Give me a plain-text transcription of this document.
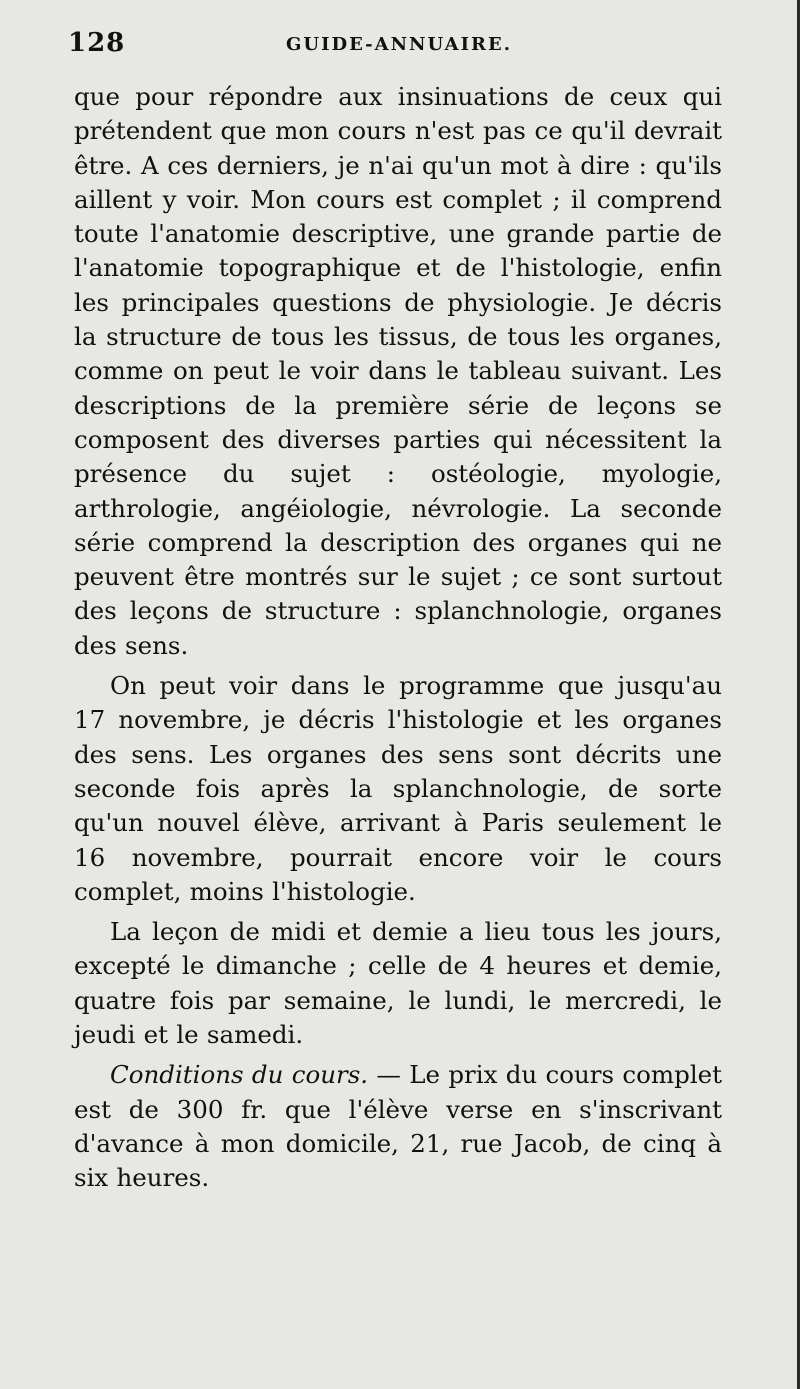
128	GUIDE-ANNUAIRE.

que pour répondre aux insinuations de ceux qui prétendent que mon cours n'est pas ce qu'il devrait être. A ces derniers, je n'ai qu'un mot à dire : qu'ils aillent y voir. Mon cours est complet ; il comprend toute l'anatomie descriptive, une grande partie de l'anatomie topographique et de l'histologie, enfin les principales questions de physiologie. Je décris la structure de tous les tissus, de tous les organes, comme on peut le voir dans le tableau suivant. Les descriptions de la première série de leçons se composent des diverses parties qui nécessitent la présence du sujet : ostéologie, myologie, arthrologie, angéiologie, névrologie. La seconde série comprend la description des organes qui ne peuvent être montrés sur le sujet ; ce sont surtout des leçons de structure : splanchnologie, organes des sens.

On peut voir dans le programme que jusqu'au 17 novembre, je décris l'histologie et les organes des sens. Les organes des sens sont décrits une seconde fois après la splanchnologie, de sorte qu'un nouvel élève, arrivant à Paris seulement le 16 novembre, pourrait encore voir le cours complet, moins l'histologie.

La leçon de midi et demie a lieu tous les jours, excepté le dimanche ; celle de 4 heures et demie, quatre fois par semaine, le lundi, le mercredi, le jeudi et le samedi.

Conditions du cours. — Le prix du cours complet est de 300 fr. que l'élève verse en s'inscrivant d'avance à mon domicile, 21, rue Jacob, de cinq à six heures.
